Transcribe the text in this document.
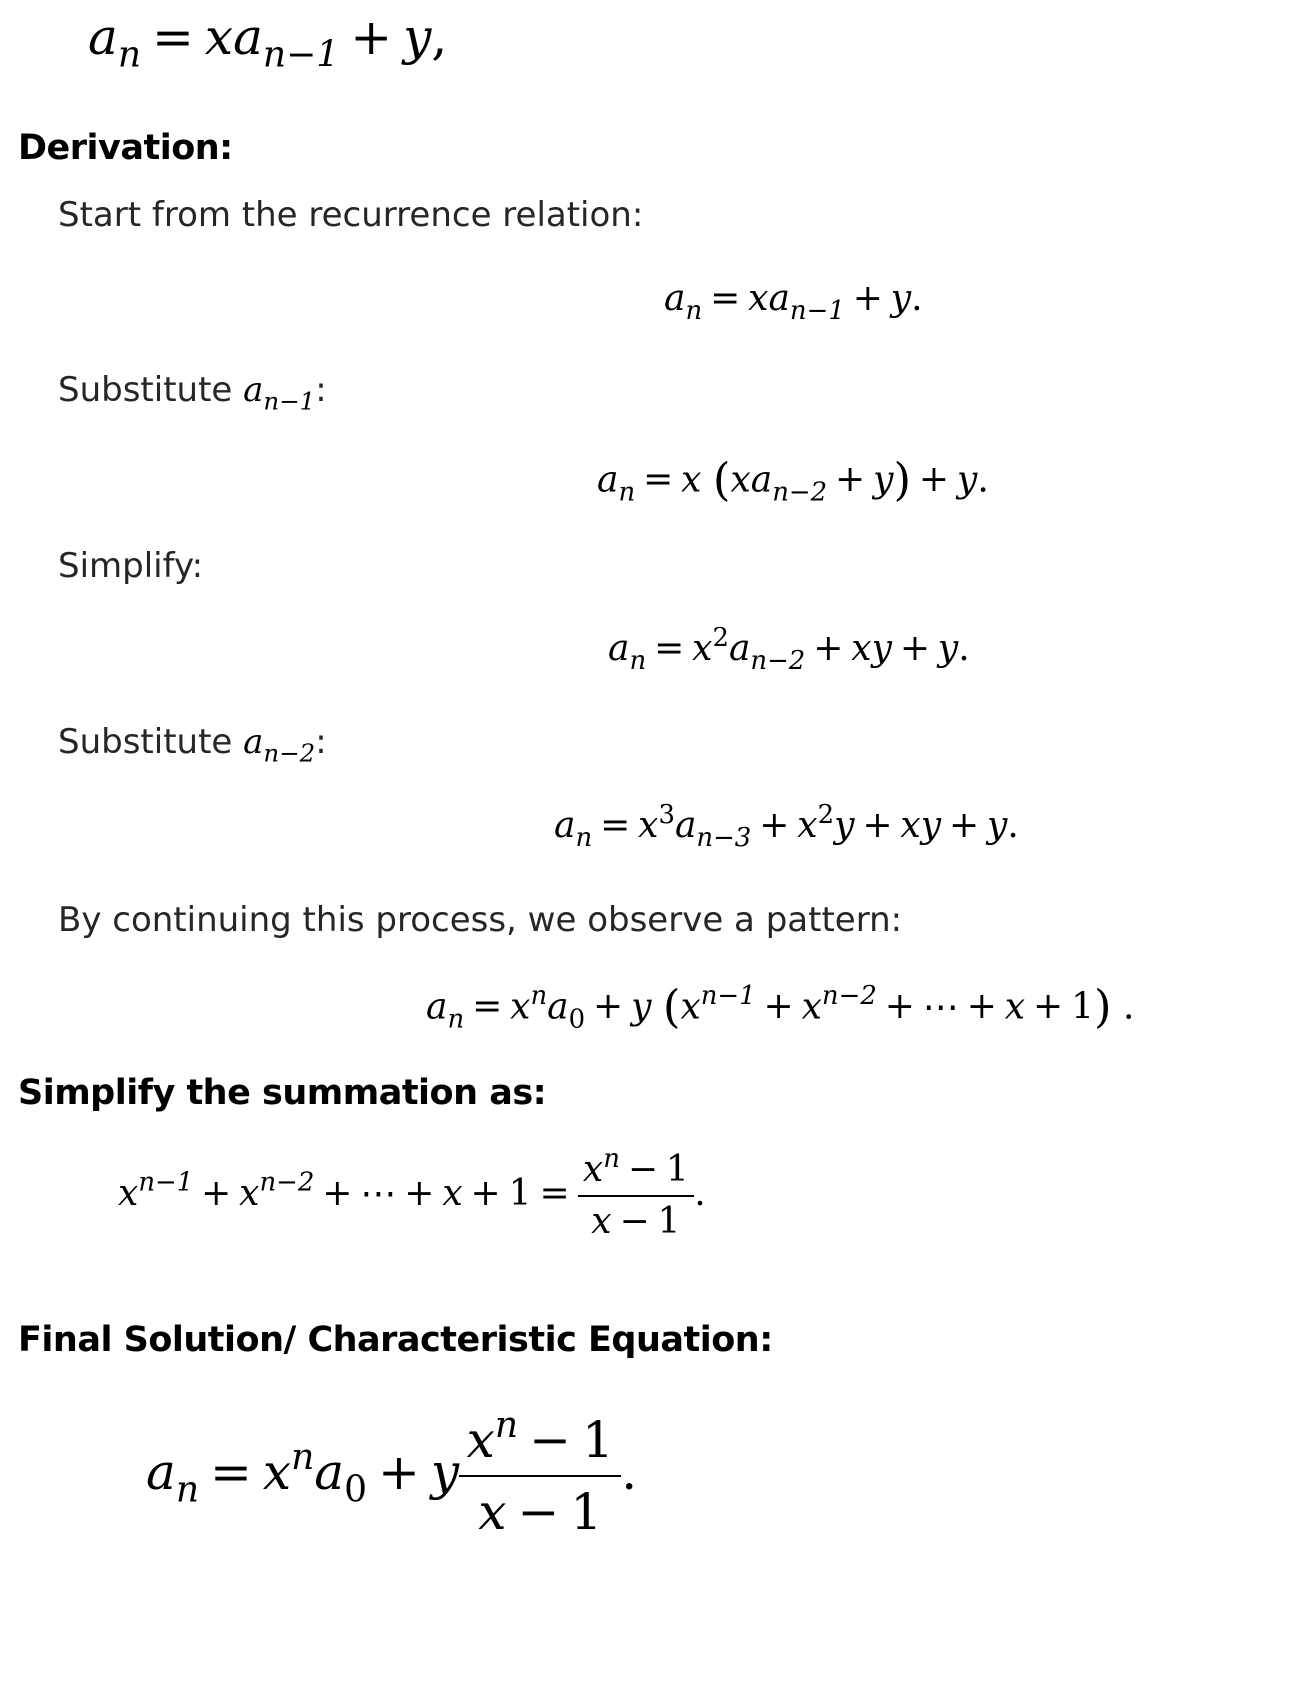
$a_n = xa_{n-1} + y$,
Derivation:
Start from the recurrence relation:
$a_n = xa_{n-1} + y$.
Substitute $a_{n-1}$:
$a_n = x$ $(xa_{n-2} + y) + y$.
Simplify:
$a_n = x^2a_{n-2}$ + xy + y.
Substitute $a_{n-2}$:
$a_n = x^3a_{n-3} + x^2y$ + xy + y.
By continuing this process, we observe a pattern:
$a_n = x^na_0 + y$ ($x^{n-1} + x^{n-2}$ + ⋯ + x + 1) .
Simplify the summation as:
$x^{n-1} + x^{n-2}$ + ⋯ + $x + 1 = \frac{x^n - 1}{x - 1}$ .
Final Solution/ Characteristic Equation:
$a_n = x^na_0 + y \frac{x^n - 1}{x - 1}$ .
